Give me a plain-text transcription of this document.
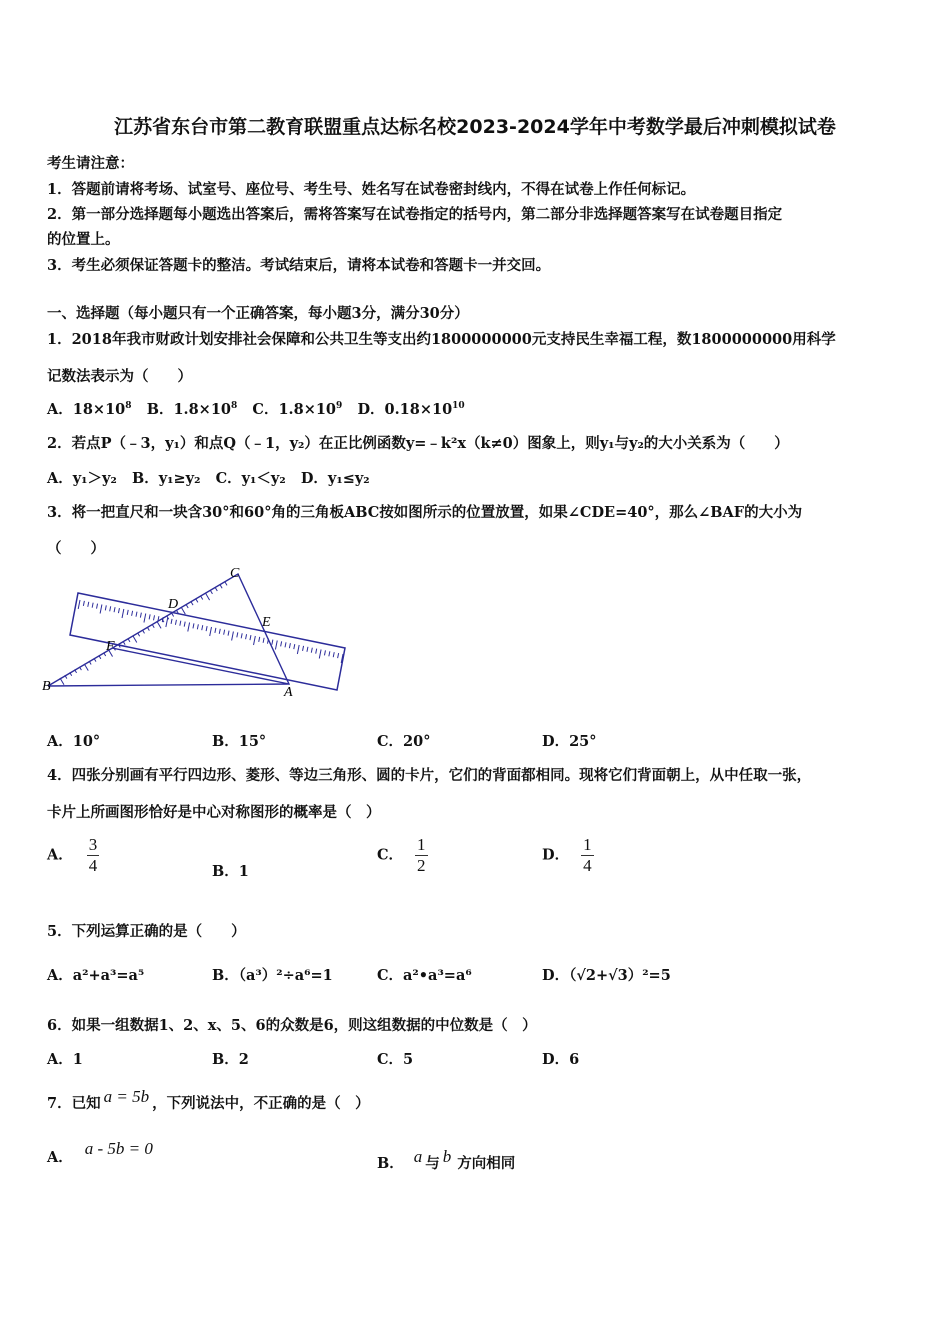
江苏省东台市第二教育联盟重点达标名校2023-2024学年中考数学最后冲刺模拟试卷
考生请注意：
1．答题前请将考场、试室号、座位号、考生号、姓名写在试卷密封线内，不得在试卷上作任何标记。
2．第一部分选择题每小题选出答案后，需将答案写在试卷指定的括号内，第二部分非选择题答案写在试卷题目指定
的位置上。
3．考生必须保证答题卡的整洁。考试结束后，请将本试卷和答题卡一并交回。
一、选择题（每小题只有一个正确答案，每小题3分，满分30分）
1．2018年我市财政计划安排社会保障和公共卫生等支出约1800000000元支持民生幸福工程，数1800000000用科学
记数法表示为（　　）
A．$18\times 10^8$ B．$1.8\times 10^8$ C．$1.8\times 10^9$ D．$0.18\times 10^{10}$
2．若点P（﹣3，y₁）和点Q（﹣1，y₂）在正比例函数y=﹣k²x（k≠0）图象上，则y₁与y₂的大小关系为（　　）
A．y₁＞y₂ B．y₁≥y₂ C．y₁＜y₂ D．y₁≤y₂
3．将一把直尺和一块含30°和60°角的三角板ABC按如图所示的位置放置，如果∠CDE=40°，那么∠BAF的大小为
（　　）
C
D
E
F
B	A
A．10°	B．15°	C．20°	D．25°
4．四张分别画有平行四边形、菱形、等边三角形、圆的卡片，它们的背面都相同。现将它们背面朝上，从中任取一张，
卡片上所画图形恰好是中心对称图形的概率是（　）
A． $\frac{3}{4}$	B．1
C． $\frac{1}{2}$	D． $\frac{1}{4}$
5．下列运算正确的是（　　）
A．a²+a³=a⁵	B．（a³）²÷a⁶=1	C．a²•a³=a⁶	D．（√2+√3）²=5
6．如果一组数据1、2、x、5、6的众数是6，则这组数据的中位数是（　）
A．1	B．2	C．5	D．6
7．已知 a = 5b ，下列说法中，不正确的是（　）
A． a - 5b = 0
B． a 与 b 方向相同
